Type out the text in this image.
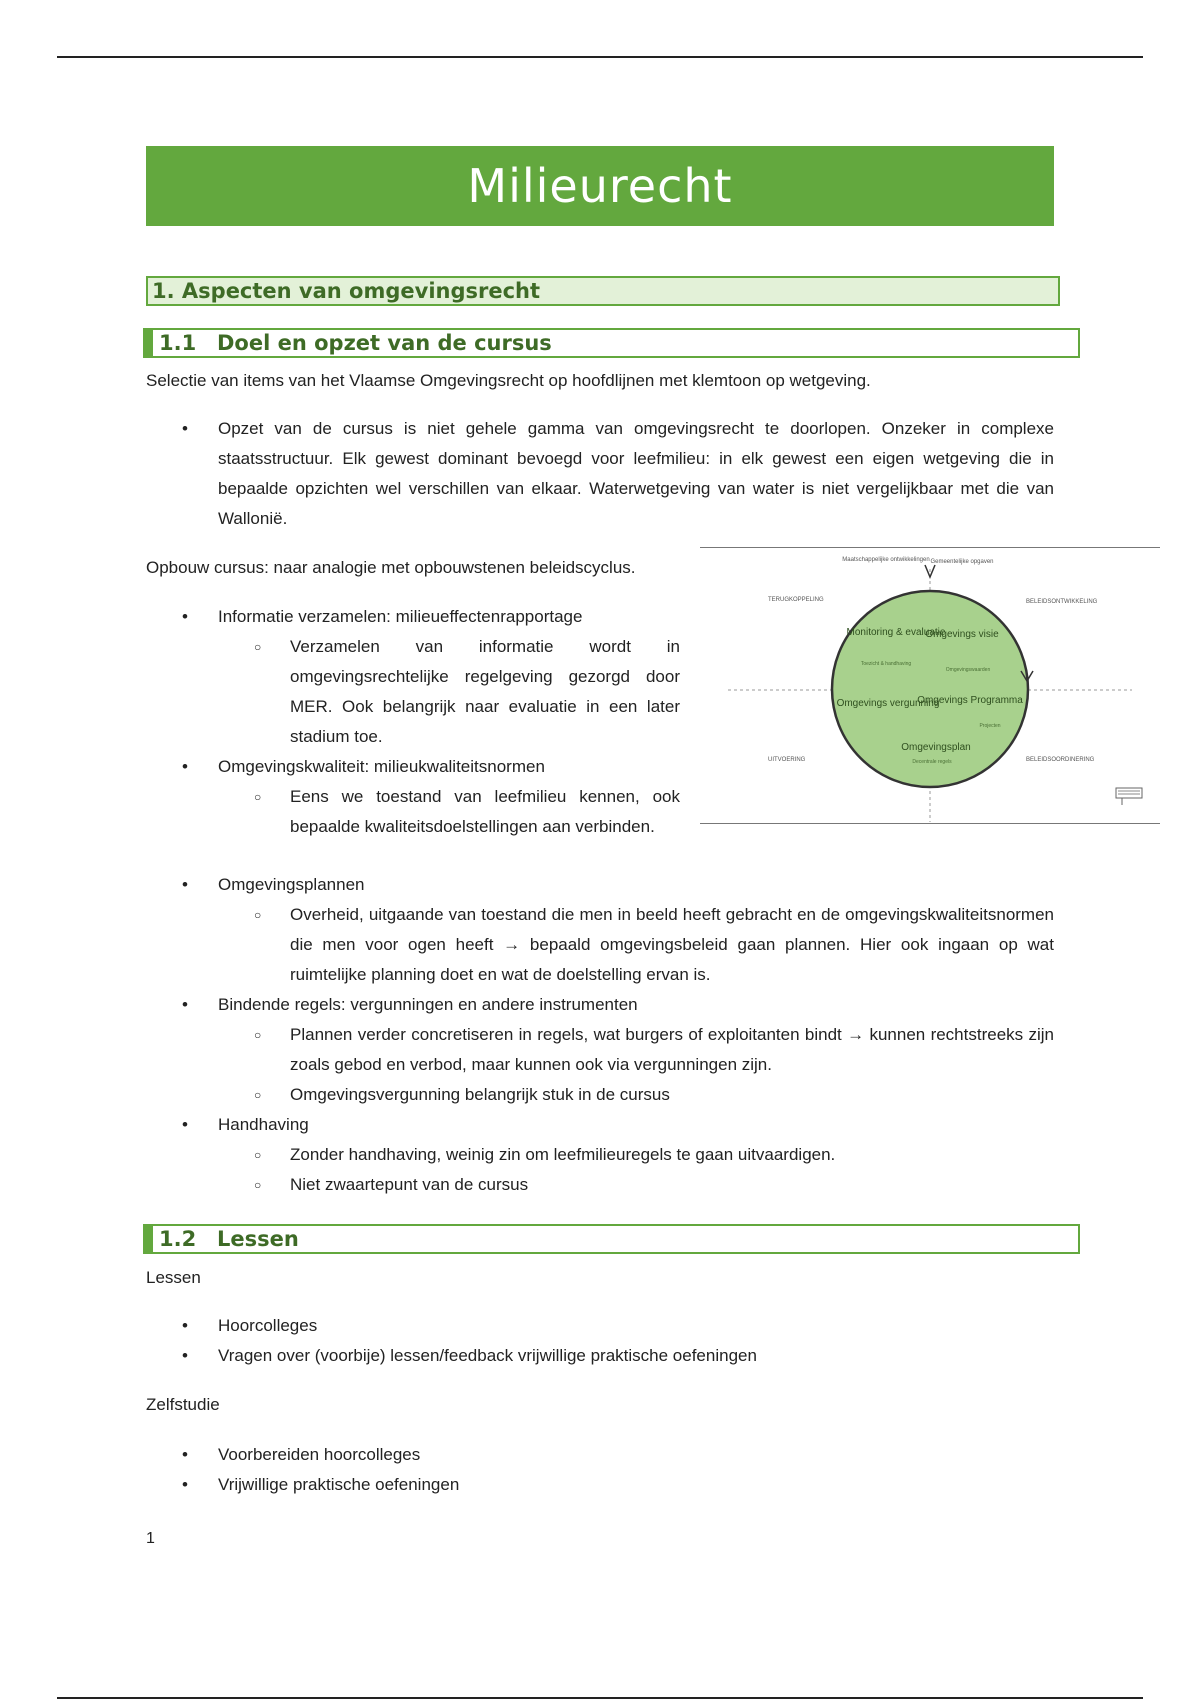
Milieurecht
1. Aspecten van omgevingsrecht
1.1 Doel en opzet van de cursus
Selectie van items van het Vlaamse Omgevingsrecht op hoofdlijnen met klemtoon op wetgeving.
• Opzet van de cursus is niet gehele gamma van omgevingsrecht te doorlopen. Onzeker in complexe staatsstructuur. Elk gewest dominant bevoegd voor leefmilieu: in elk gewest een eigen wetgeving die in bepaalde opzichten wel verschillen van elkaar. Waterwetgeving van water is niet vergelijkbaar met die van Wallonië.
Opbouw cursus: naar analogie met opbouwstenen beleidscyclus.
• Informatie verzamelen: milieueffectenrapportage
○ Verzamelen van informatie wordt in omgevingsrechtelijke regelgeving gezorgd door MER. Ook belangrijk naar evaluatie in een later stadium toe.
• Omgevingskwaliteit: milieukwaliteitsnormen
○ Eens we toestand van leefmilieu kennen, ook bepaalde kwaliteitsdoelstellingen aan verbinden.
• Omgevingsplannen
○ Overheid, uitgaande van toestand die men in beeld heeft gebracht en de omgevingskwaliteitsnormen die men voor ogen heeft → bepaald omgevingsbeleid gaan plannen. Hier ook ingaan op wat ruimtelijke planning doet en wat de doelstelling ervan is.
• Bindende regels: vergunningen en andere instrumenten
○ Plannen verder concretiseren in regels, wat burgers of exploitanten bindt → kunnen rechtstreeks zijn zoals gebod en verbod, maar kunnen ook via vergunningen zijn.
○ Omgevingsvergunning belangrijk stuk in de cursus
• Handhaving
○ Zonder handhaving, weinig zin om leefmilieuregels te gaan uitvaardigen.
○ Niet zwaartepunt van de cursus
Maatschappelijke ontwikkelingen Gemeentelijke opgaven
TERUGKOPPELING	BELEIDSONTWIKKELING
UITVOERING	BELEIDSOORDINERING
Monitoring & evaluatie
Toezicht & handhaving
Omgevings visie
Omgevingswaarden
Omgevings vergunning
Omgevings Programma
Projecten
Omgevingsplan
Decentrale regels
1.2 Lessen
Lessen
• Hoorcolleges
• Vragen over (voorbije) lessen/feedback vrijwillige praktische oefeningen
Zelfstudie
• Voorbereiden hoorcolleges
• Vrijwillige praktische oefeningen
1
